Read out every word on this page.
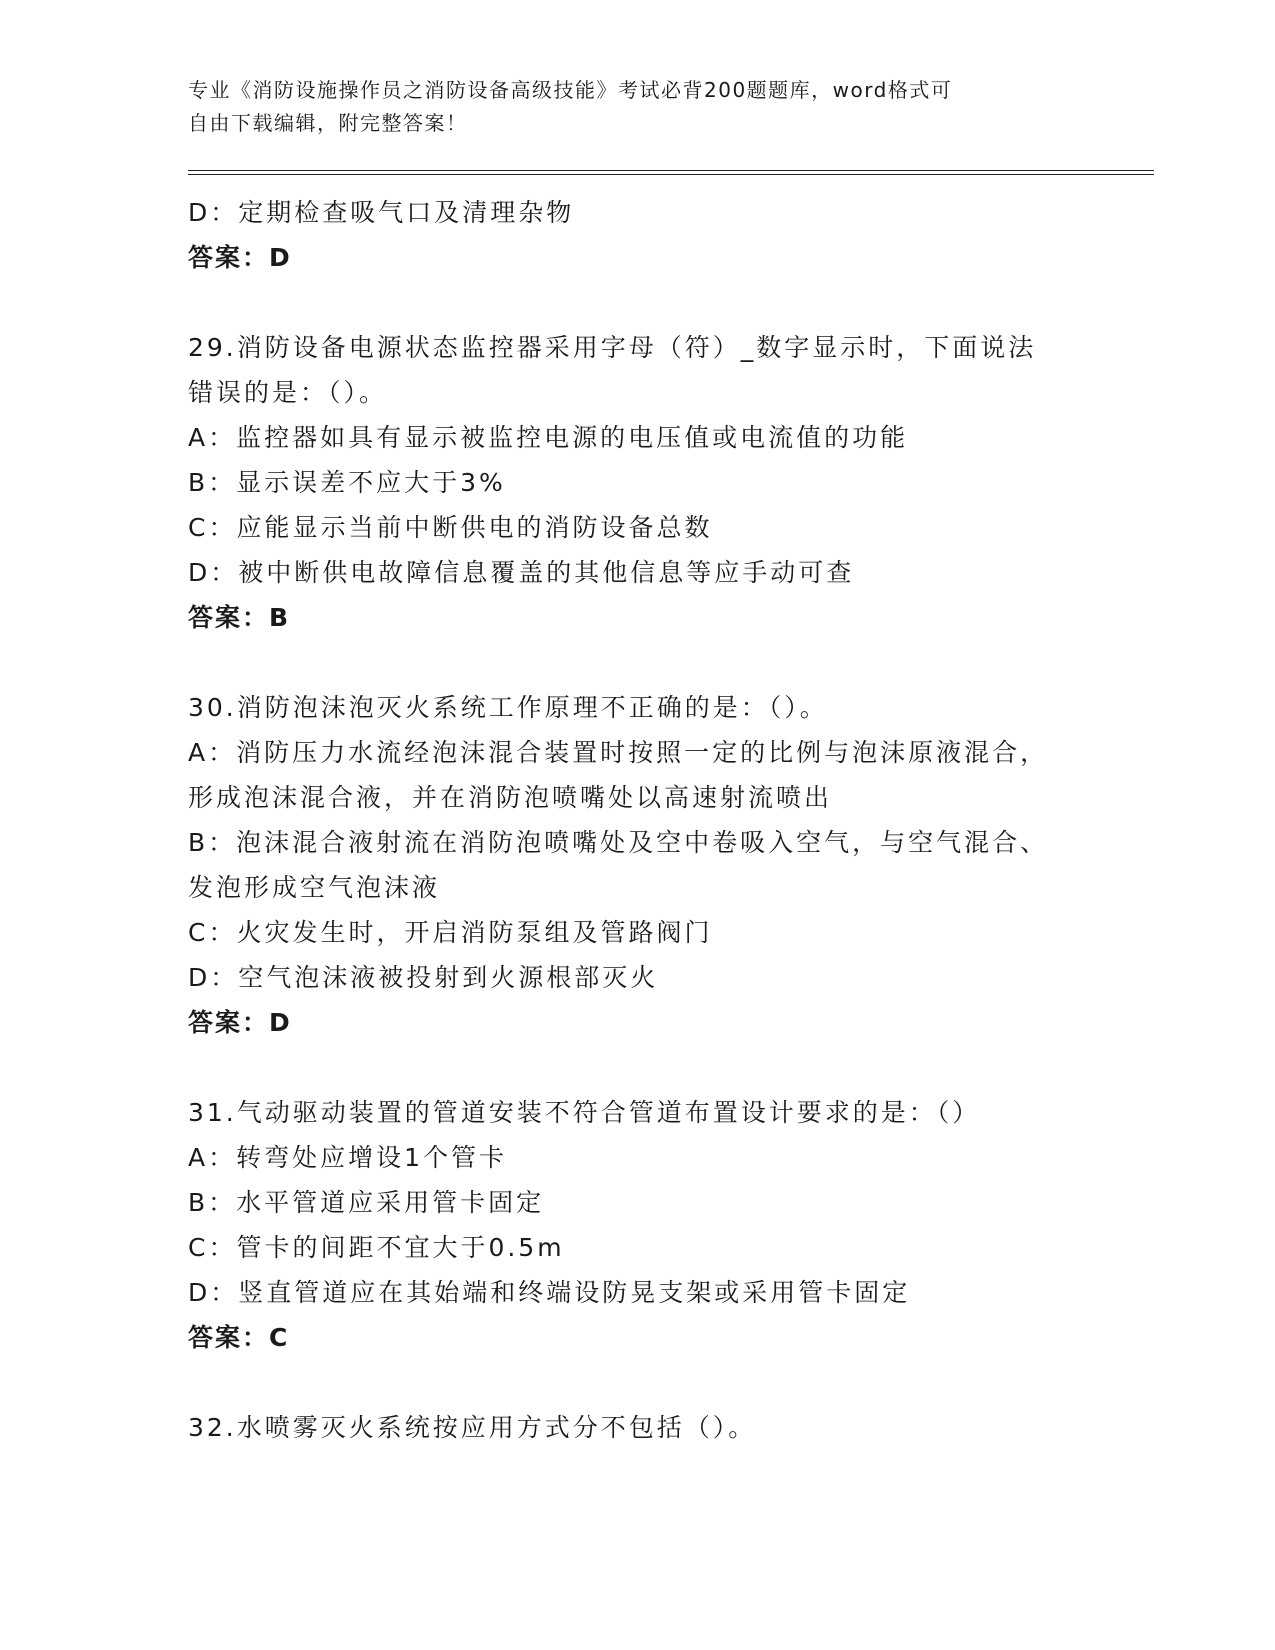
专业《消防设施操作员之消防设备高级技能》考试必背200题题库，word格式可
自由下载编辑，附完整答案！
D：定期检查吸气口及清理杂物
答案：D
29.消防设备电源状态监控器采用字母（符）_数字显示时，下面说法
错误的是：（）。
A：监控器如具有显示被监控电源的电压值或电流值的功能
B：显示误差不应大于3%
C：应能显示当前中断供电的消防设备总数
D：被中断供电故障信息覆盖的其他信息等应手动可查
答案：B
30.消防泡沫泡灭火系统工作原理不正确的是：（）。
A：消防压力水流经泡沫混合装置时按照一定的比例与泡沫原液混合，
形成泡沫混合液，并在消防泡喷嘴处以高速射流喷出
B：泡沫混合液射流在消防泡喷嘴处及空中卷吸入空气，与空气混合、
发泡形成空气泡沫液
C：火灾发生时，开启消防泵组及管路阀门
D：空气泡沫液被投射到火源根部灭火
答案：D
31.气动驱动装置的管道安装不符合管道布置设计要求的是：（）
A：转弯处应增设1个管卡
B：水平管道应采用管卡固定
C：管卡的间距不宜大于0.5m
D：竖直管道应在其始端和终端设防晃支架或采用管卡固定
答案：C
32.水喷雾灭火系统按应用方式分不包括（）。
